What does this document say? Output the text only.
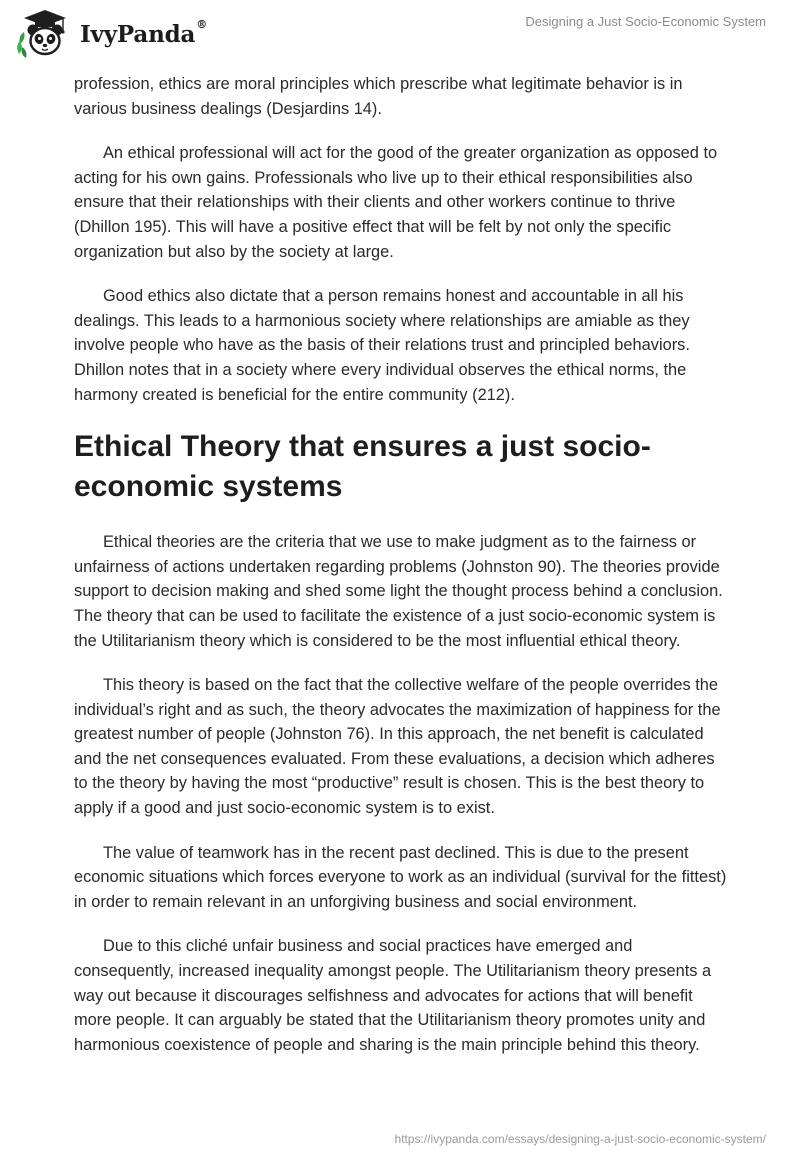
IvyPanda®	Designing a Just Socio-Economic System

profession, ethics are moral principles which prescribe what legitimate behavior is in various business dealings (Desjardins 14).

An ethical professional will act for the good of the greater organization as opposed to acting for his own gains. Professionals who live up to their ethical responsibilities also ensure that their relationships with their clients and other workers continue to thrive (Dhillon 195). This will have a positive effect that will be felt by not only the specific organization but also by the society at large.

Good ethics also dictate that a person remains honest and accountable in all his dealings. This leads to a harmonious society where relationships are amiable as they involve people who have as the basis of their relations trust and principled behaviors. Dhillon notes that in a society where every individual observes the ethical norms, the harmony created is beneficial for the entire community (212).

Ethical Theory that ensures a just socio-economic systems

Ethical theories are the criteria that we use to make judgment as to the fairness or unfairness of actions undertaken regarding problems (Johnston 90). The theories provide support to decision making and shed some light the thought process behind a conclusion. The theory that can be used to facilitate the existence of a just socio-economic system is the Utilitarianism theory which is considered to be the most influential ethical theory.

This theory is based on the fact that the collective welfare of the people overrides the individual’s right and as such, the theory advocates the maximization of happiness for the greatest number of people (Johnston 76). In this approach, the net benefit is calculated and the net consequences evaluated. From these evaluations, a decision which adheres to the theory by having the most “productive” result is chosen. This is the best theory to apply if a good and just socio-economic system is to exist.

The value of teamwork has in the recent past declined. This is due to the present economic situations which forces everyone to work as an individual (survival for the fittest) in order to remain relevant in an unforgiving business and social environment.

Due to this cliché unfair business and social practices have emerged and consequently, increased inequality amongst people. The Utilitarianism theory presents a way out because it discourages selfishness and advocates for actions that will benefit more people. It can arguably be stated that the Utilitarianism theory promotes unity and harmonious coexistence of people and sharing is the main principle behind this theory.

https://ivypanda.com/essays/designing-a-just-socio-economic-system/
